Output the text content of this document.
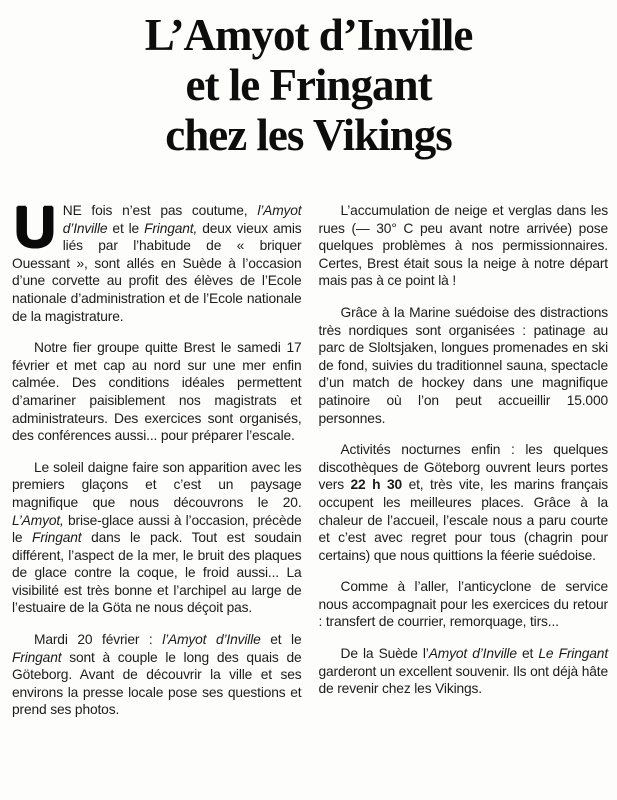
L’Amyot d’Inville
et le Fringant
chez les Vikings

UNE fois n’est pas coutume, l’Amyot d’Inville et le Fringant, deux vieux amis liés par l’habitude de « briquer Ouessant », sont allés en Suède à l’occasion d’une corvette au profit des élèves de l’Ecole nationale d’administration et de l’Ecole nationale de la magistrature.

Notre fier groupe quitte Brest le samedi 17 février et met cap au nord sur une mer enfin calmée. Des conditions idéales permettent d’amariner paisiblement nos magistrats et administrateurs. Des exercices sont organisés, des conférences aussi... pour préparer l’escale.

Le soleil daigne faire son apparition avec les premiers glaçons et c’est un paysage magnifique que nous découvrons le 20. L’Amyot, brise-glace aussi à l’occasion, précède le Fringant dans le pack. Tout est soudain différent, l’aspect de la mer, le bruit des plaques de glace contre la coque, le froid aussi... La visibilité est très bonne et l’archipel au large de l’estuaire de la Göta ne nous déçoit pas.

Mardi 20 février : l’Amyot d’Inville et le Fringant sont à couple le long des quais de Göteborg. Avant de découvrir la ville et ses environs la presse locale pose ses questions et prend ses photos.

L’accumulation de neige et verglas dans les rues (— 30° C peu avant notre arrivée) pose quelques problèmes à nos permissionnaires. Certes, Brest était sous la neige à notre départ mais pas à ce point là !

Grâce à la Marine suédoise des distractions très nordiques sont organisées : patinage au parc de Sloltsjaken, longues promenades en ski de fond, suivies du traditionnel sauna, spectacle d’un match de hockey dans une magnifique patinoire où l’on peut accueillir 15.000 personnes.

Activités nocturnes enfin : les quelques discothèques de Göteborg ouvrent leurs portes vers 22 h 30 et, très vite, les marins français occupent les meilleures places. Grâce à la chaleur de l’accueil, l’escale nous a paru courte et c’est avec regret pour tous (chagrin pour certains) que nous quittions la féerie suédoise.

Comme à l’aller, l’anticyclone de service nous accompagnait pour les exercices du retour : transfert de courrier, remorquage, tirs...

De la Suède l’Amyot d’Inville et Le Fringant garderont un excellent souvenir. Ils ont déjà hâte de revenir chez les Vikings.
